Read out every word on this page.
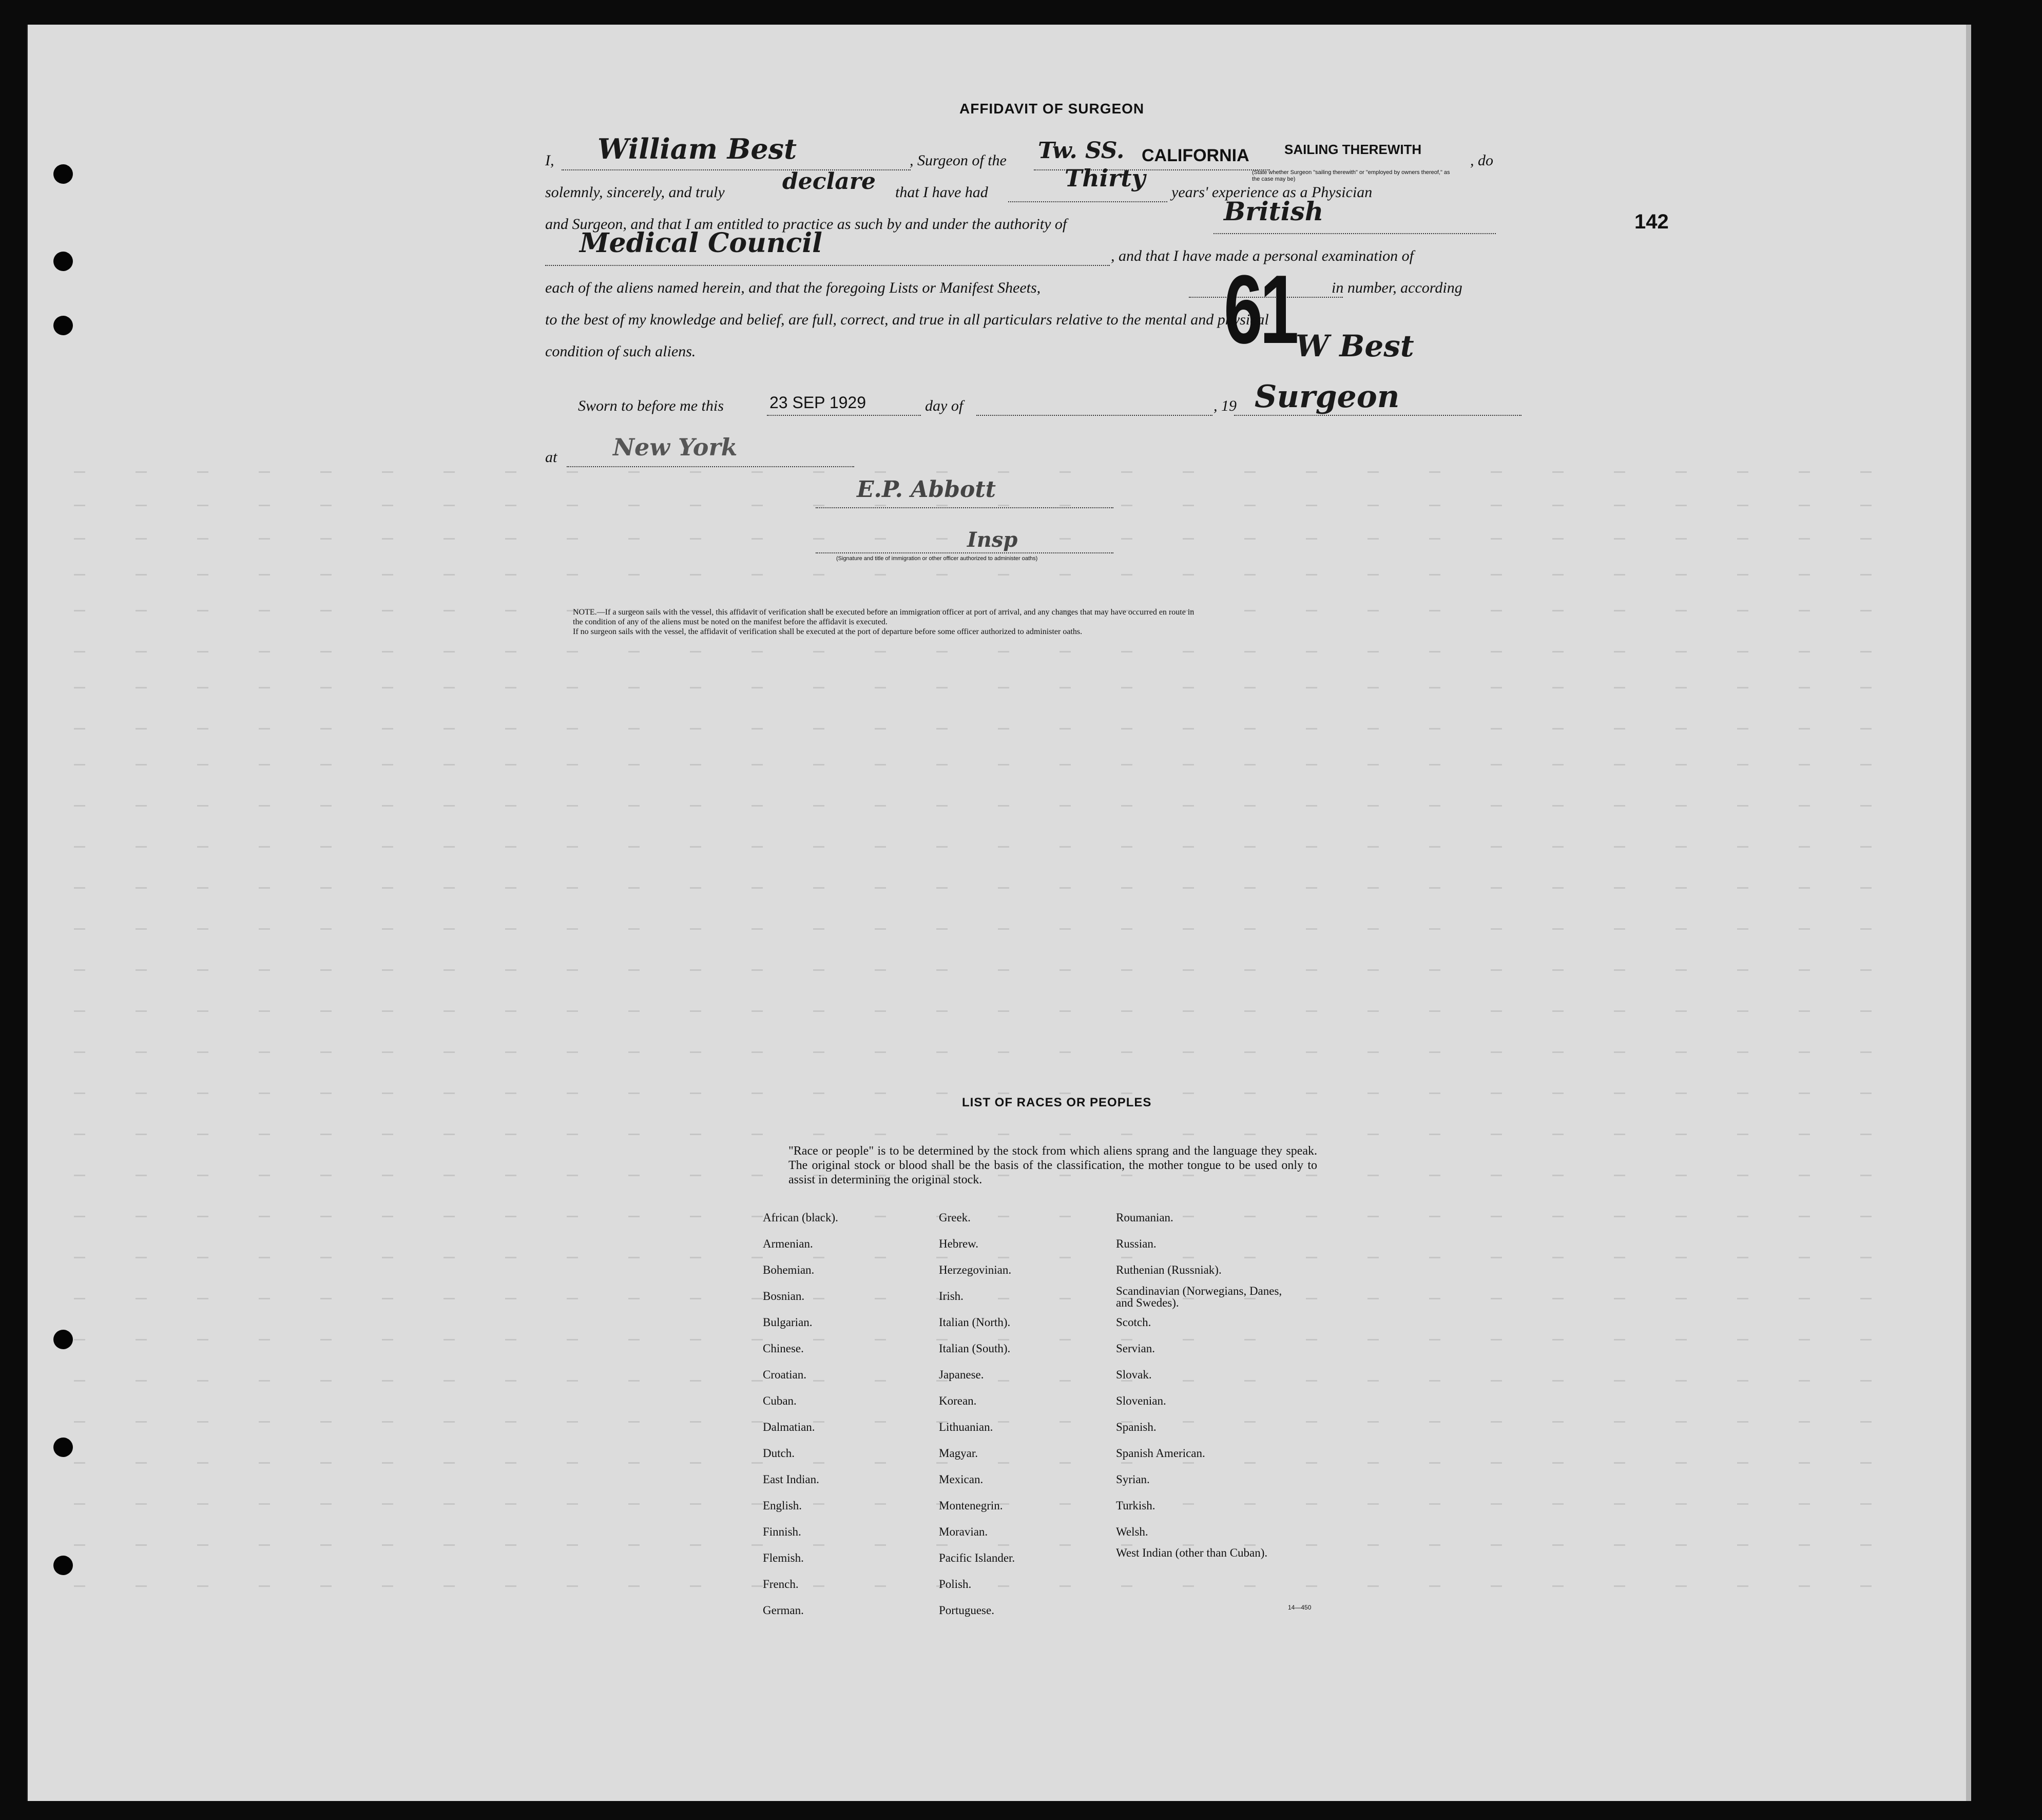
AFFIDAVIT OF SURGEON
142
I, William Best	, Surgeon of the Tw. SS. CALIFORNIA	SAILING THEREWITH
(State whether Surgeon "sailing therewith" or "employed by owners thereof," as the case may be)
, do
solemnly, sincerely, and truly	declare that I have had
Thirty
years' experience as a Physician
and Surgeon, and that I am entitled to practice as such by and under the authority of	British
Medical Council	, and that I have made a personal examination of
each of the aliens named herein, and that the foregoing Lists or Manifest Sheets,	in number, according
61
to the best of my knowledge and belief, are full, correct, and true in all particulars relative to the mental and physical
condition of such aliens.	W Best
Surgeon
Sworn to before me this	23 SEP 1929	day of	, 19
at New York
E.P. Abbott
Insp
(Signature and title of immigration or other officer authorized to administer oaths)

NOTE.—If a surgeon sails with the vessel, this affidavit of verification shall be executed before an immigration officer at port of arrival, and any changes that may have occurred en route in

the condition of any of the aliens must be noted on the manifest before the affidavit is executed.

If no surgeon sails with the vessel, the affidavit of verification shall be executed at the port of departure before some officer authorized to administer oaths.

LIST OF RACES OR PEOPLES
"Race or people" is to be determined by the stock from which aliens sprang and the language they speak. The original stock or blood shall be the basis of the classification, the mother tongue to be used only to assist in determining the original stock.
African (black).
Armenian.
Bohemian.
Bosnian.
Bulgarian.
Chinese.
Croatian.
Cuban.
Dalmatian.
Dutch.
East Indian.
English.
Finnish.
Flemish.
French.
German.
Greek.
Hebrew.
Herzegovinian.
Irish.
Italian (North).
Italian (South).
Japanese.
Korean.
Lithuanian.
Magyar.
Mexican.
Montenegrin.
Moravian.
Pacific Islander.
Polish.
Portuguese.
Roumanian.
Russian.
Ruthenian (Russniak).
Scandinavian (Norwegians, Danes, and Swedes).
Scotch.
Servian.
Slovak.
Slovenian.
Spanish.
Spanish American.
Syrian.
Turkish.
Welsh.
West Indian (other than Cuban).
14—450
